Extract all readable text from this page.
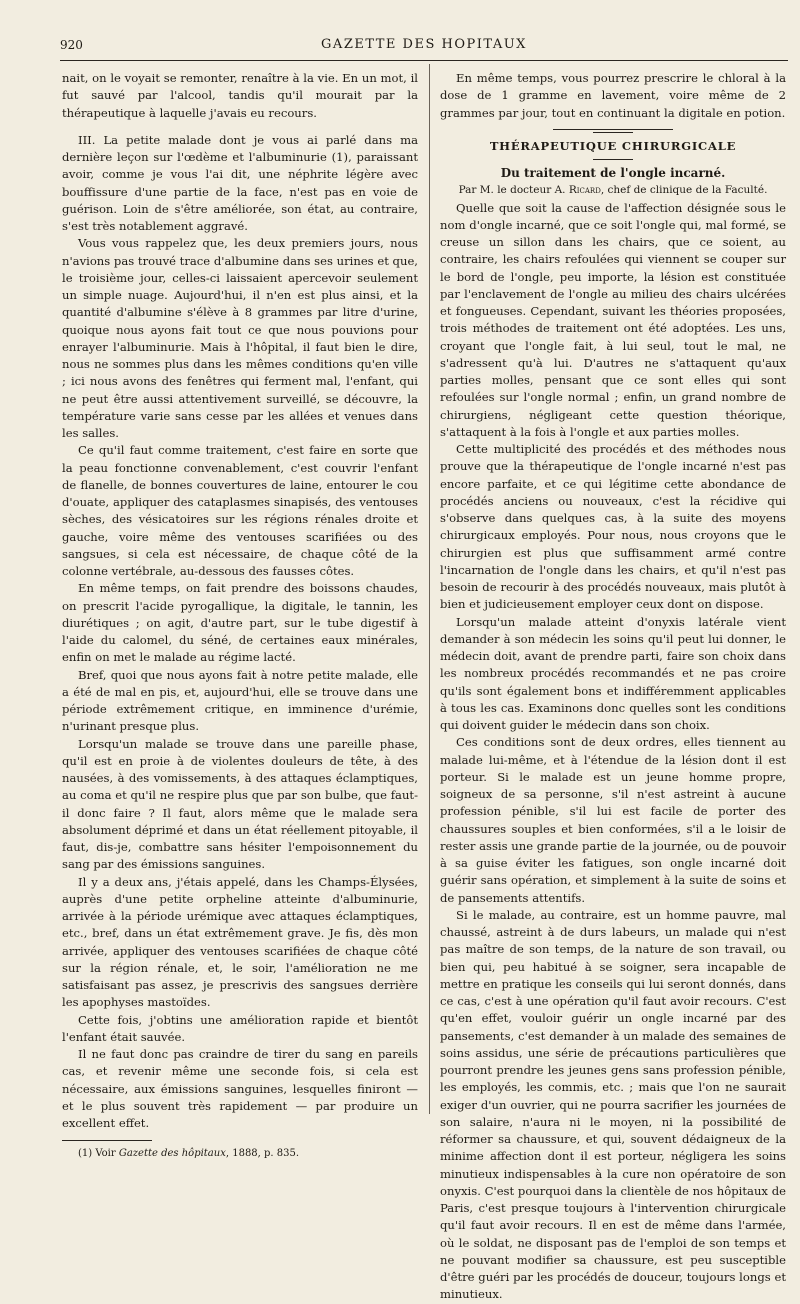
920	GAZETTE DES HOPITAUX

nait, on le voyait se remonter, renaître à la vie. En un mot, il fut sauvé par l'alcool, tandis qu'il mourait par la thérapeutique à laquelle j'avais eu recours.

III. La petite malade dont je vous ai parlé dans ma dernière leçon sur l'œdème et l'albuminurie (1), paraissant avoir, comme je vous l'ai dit, une néphrite légère avec bouffissure d'une partie de la face, n'est pas en voie de guérison. Loin de s'être améliorée, son état, au contraire, s'est très notablement aggravé.

Vous vous rappelez que, les deux premiers jours, nous n'avions pas trouvé trace d'albumine dans ses urines et que, le troisième jour, celles-ci laissaient apercevoir seulement un simple nuage. Aujourd'hui, il n'en est plus ainsi, et la quantité d'albumine s'élève à 8 grammes par litre d'urine, quoique nous ayons fait tout ce que nous pouvions pour enrayer l'albuminurie. Mais à l'hôpital, il faut bien le dire, nous ne sommes plus dans les mêmes conditions qu'en ville ; ici nous avons des fenêtres qui ferment mal, l'enfant, qui ne peut être aussi attentivement surveillé, se découvre, la température varie sans cesse par les allées et venues dans les salles.

Ce qu'il faut comme traitement, c'est faire en sorte que la peau fonctionne convenablement, c'est couvrir l'enfant de flanelle, de bonnes couvertures de laine, entourer le cou d'ouate, appliquer des cataplasmes sinapisés, des ventouses sèches, des vésicatoires sur les régions rénales droite et gauche, voire même des ventouses scarifiées ou des sangsues, si cela est nécessaire, de chaque côté de la colonne vertébrale, au-dessous des fausses côtes.

En même temps, on fait prendre des boissons chaudes, on prescrit l'acide pyrogallique, la digitale, le tannin, les diurétiques ; on agit, d'autre part, sur le tube digestif à l'aide du calomel, du séné, de certaines eaux minérales, enfin on met le malade au régime lacté.

Bref, quoi que nous ayons fait à notre petite malade, elle a été de mal en pis, et, aujourd'hui, elle se trouve dans une période extrêmement critique, en imminence d'urémie, n'urinant presque plus.

Lorsqu'un malade se trouve dans une pareille phase, qu'il est en proie à de violentes douleurs de tête, à des nausées, à des vomissements, à des attaques éclamptiques, au coma et qu'il ne respire plus que par son bulbe, que faut-il donc faire ? Il faut, alors même que le malade sera absolument déprimé et dans un état réellement pitoyable, il faut, dis-je, combattre sans hésiter l'empoisonnement du sang par des émissions sanguines.

Il y a deux ans, j'étais appelé, dans les Champs-Élysées, auprès d'une petite orpheline atteinte d'albuminurie, arrivée à la période urémique avec attaques éclamptiques, etc., bref, dans un état extrêmement grave. Je fis, dès mon arrivée, appliquer des ventouses scarifiées de chaque côté sur la région rénale, et, le soir, l'amélioration ne me satisfaisant pas assez, je prescrivis des sangsues derrière les apophyses mastoïdes.

Cette fois, j'obtins une amélioration rapide et bientôt l'enfant était sauvée.

Il ne faut donc pas craindre de tirer du sang en pareils cas, et revenir même une seconde fois, si cela est nécessaire, aux émissions sanguines, lesquelles finiront — et le plus souvent très rapidement — par produire un excellent effet.

(1) Voir Gazette des hôpitaux, 1888, p. 835.

En même temps, vous pourrez prescrire le chloral à la dose de 1 gramme en lavement, voire même de 2 grammes par jour, tout en continuant la digitale en potion.

THÉRAPEUTIQUE CHIRURGICALE

Du traitement de l'ongle incarné.

Par M. le docteur A. Ricard, chef de clinique de la Faculté.

Quelle que soit la cause de l'affection désignée sous le nom d'ongle incarné, que ce soit l'ongle qui, mal formé, se creuse un sillon dans les chairs, que ce soient, au contraire, les chairs refoulées qui viennent se couper sur le bord de l'ongle, peu importe, la lésion est constituée par l'enclavement de l'ongle au milieu des chairs ulcérées et fongueuses. Cependant, suivant les théories proposées, trois méthodes de traitement ont été adoptées. Les uns, croyant que l'ongle fait, à lui seul, tout le mal, ne s'adressent qu'à lui. D'autres ne s'attaquent qu'aux parties molles, pensant que ce sont elles qui sont refoulées sur l'ongle normal ; enfin, un grand nombre de chirurgiens, négligeant cette question théorique, s'attaquent à la fois à l'ongle et aux parties molles.

Cette multiplicité des procédés et des méthodes nous prouve que la thérapeutique de l'ongle incarné n'est pas encore parfaite, et ce qui légitime cette abondance de procédés anciens ou nouveaux, c'est la récidive qui s'observe dans quelques cas, à la suite des moyens chirurgicaux employés. Pour nous, nous croyons que le chirurgien est plus que suffisamment armé contre l'incarnation de l'ongle dans les chairs, et qu'il n'est pas besoin de recourir à des procédés nouveaux, mais plutôt à bien et judicieusement employer ceux dont on dispose.

Lorsqu'un malade atteint d'onyxis latérale vient demander à son médecin les soins qu'il peut lui donner, le médecin doit, avant de prendre parti, faire son choix dans les nombreux procédés recommandés et ne pas croire qu'ils sont également bons et indifféremment applicables à tous les cas. Examinons donc quelles sont les conditions qui doivent guider le médecin dans son choix.

Ces conditions sont de deux ordres, elles tiennent au malade lui-même, et à l'étendue de la lésion dont il est porteur. Si le malade est un jeune homme propre, soigneux de sa personne, s'il n'est astreint à aucune profession pénible, s'il lui est facile de porter des chaussures souples et bien conformées, s'il a le loisir de rester assis une grande partie de la journée, ou de pouvoir à sa guise éviter les fatigues, son ongle incarné doit guérir sans opération, et simplement à la suite de soins et de pansements attentifs.

Si le malade, au contraire, est un homme pauvre, mal chaussé, astreint à de durs labeurs, un malade qui n'est pas maître de son temps, de la nature de son travail, ou bien qui, peu habitué à se soigner, sera incapable de mettre en pratique les conseils qui lui seront donnés, dans ce cas, c'est à une opération qu'il faut avoir recours. C'est qu'en effet, vouloir guérir un ongle incarné par des pansements, c'est demander à un malade des semaines de soins assidus, une série de précautions particulières que pourront prendre les jeunes gens sans profession pénible, les employés, les commis, etc. ; mais que l'on ne saurait exiger d'un ouvrier, qui ne pourra sacrifier les journées de son salaire, n'aura ni le moyen, ni la possibilité de réformer sa chaussure, et qui, souvent dédaigneux de la minime affection dont il est porteur, négligera les soins minutieux indispensables à la cure non opératoire de son onyxis. C'est pourquoi dans la clientèle de nos hôpitaux de Paris, c'est presque toujours à l'intervention chirurgicale qu'il faut avoir recours. Il en est de même dans l'armée, où le soldat, ne disposant pas de l'emploi de son temps et ne pouvant modifier sa chaussure, est peu susceptible d'être guéri par les procédés de douceur, toujours longs et minutieux.
